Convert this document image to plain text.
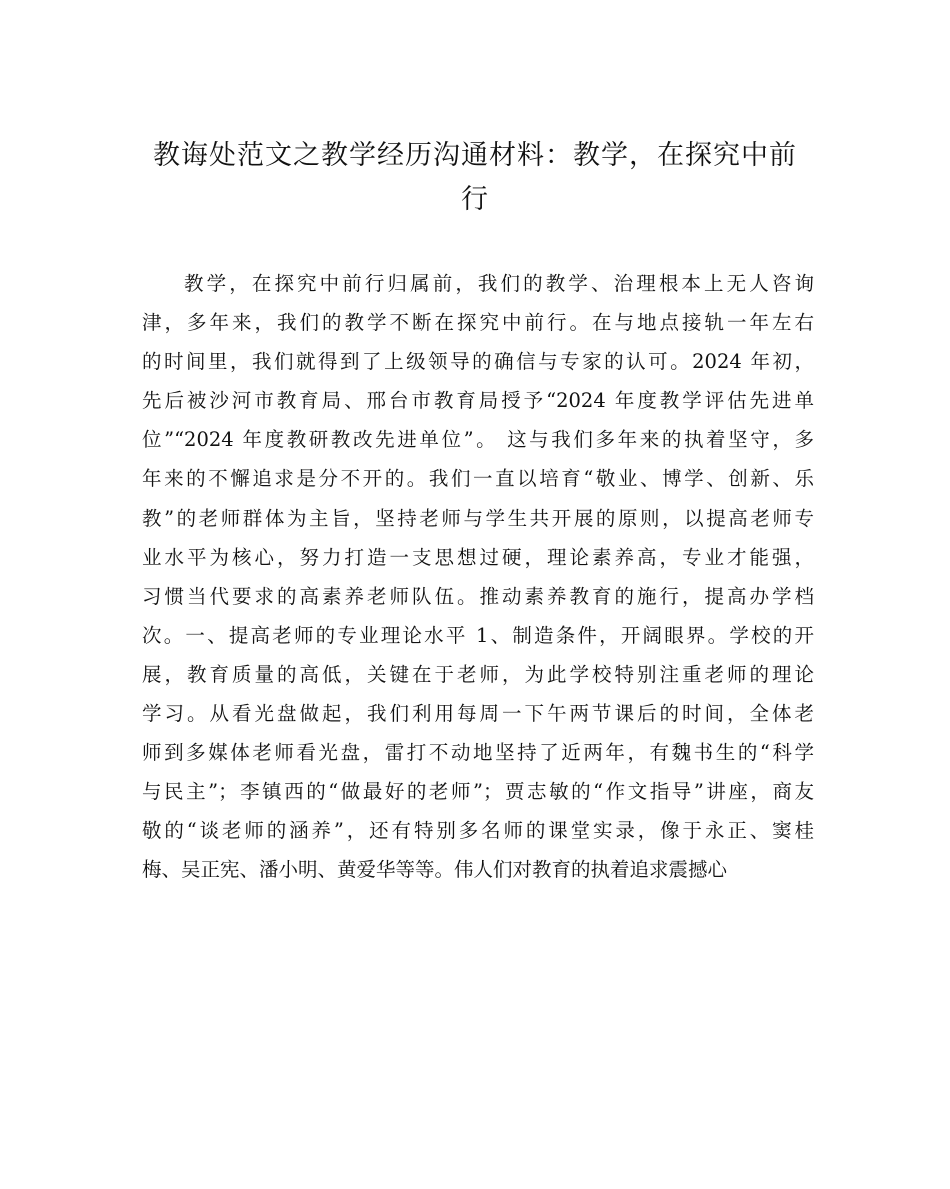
教诲处范文之教学经历沟通材料：教学，在探究中前
行
教学，在探究中前行归属前，我们的教学、治理根本上无人咨询
津，多年来，我们的教学不断在探究中前行。在与地点接轨一年左右
的时间里，我们就得到了上级领导的确信与专家的认可。2024 年初，
先后被沙河市教育局、邢台市教育局授予“2024 年度教学评估先进单
位”“2024 年度教研教改先进单位”。 这与我们多年来的执着坚守，多
年来的不懈追求是分不开的。我们一直以培育“敬业、博学、创新、乐
教”的老师群体为主旨，坚持老师与学生共开展的原则，以提高老师专
业水平为核心，努力打造一支思想过硬，理论素养高，专业才能强，
习惯当代要求的高素养老师队伍。推动素养教育的施行，提高办学档
次。一、提高老师的专业理论水平 1、制造条件，开阔眼界。学校的开
展，教育质量的高低，关键在于老师，为此学校特别注重老师的理论
学习。从看光盘做起，我们利用每周一下午两节课后的时间，全体老
师到多媒体老师看光盘，雷打不动地坚持了近两年，有魏书生的“科学
与民主”；李镇西的“做最好的老师”；贾志敏的“作文指导”讲座，商友
敬的“谈老师的涵养”，还有特别多名师的课堂实录，像于永正、窦桂
梅、吴正宪、潘小明、黄爱华等等。伟人们对教育的执着追求震撼心
